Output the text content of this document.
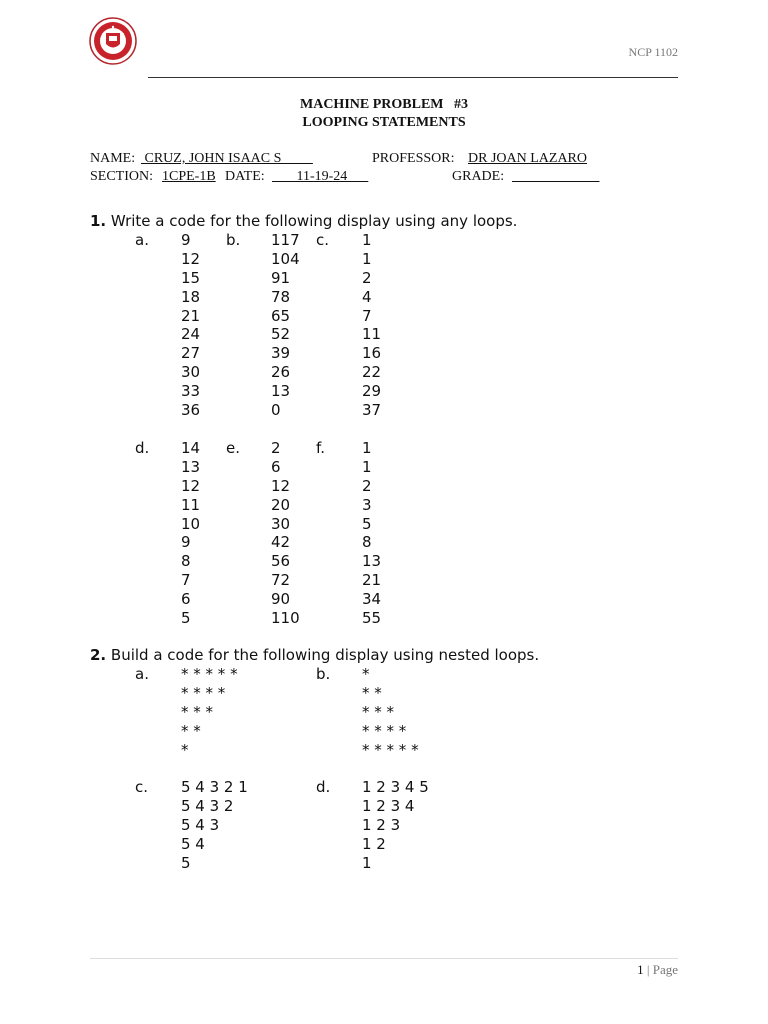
NCP 1102
MACHINE PROBLEM   #3
LOOPING STATEMENTS
NAME: CRUZ, JOHN ISAAC S	PROFESSOR: DR JOAN LAZARO
SECTION: 1CPE-1B DATE: 11-19-24	GRADE:

1. Write a code for the following display using any loops.
a. 9
12
15
18
21
24
27
30
33
36
b. 117
104
91
78
65
52
39
26
13
0
c. 1
1
2
4
7
11
16
22
29
37
d. 14
13
12
11
10
9
8
7
6
5
e. 2
6
12
20
30
42
56
72
90
110
f. 1
1
2
3
5
8
13
21
34
55
2. Build a code for the following display using nested loops.
a. * * * * *
* * * *
* * *
* *
*
b. *
* *
* * *
* * * *
* * * * *
c. 5 4 3 2 1
5 4 3 2
5 4 3
5 4
5
d. 1 2 3 4 5
1 2 3 4
1 2 3
1 2
1
1 | Page
